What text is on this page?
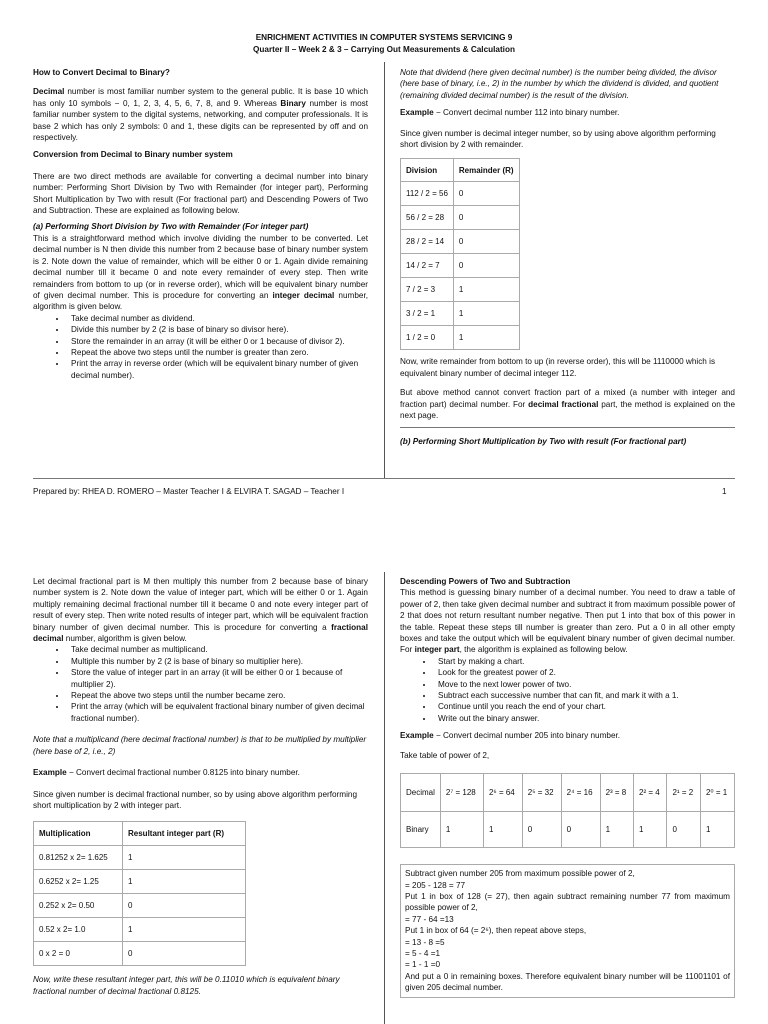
ENRICHMENT ACTIVITIES IN COMPUTER SYSTEMS SERVICING 9
Quarter II – Week 2 & 3 – Carrying Out Measurements & Calculation

How to Convert Decimal to Binary?

Decimal number is most familiar number system to the general public. It is base 10 which has only 10 symbols − 0, 1, 2, 3, 4, 5, 6, 7, 8, and 9. Whereas Binary number is most familiar number system to the digital systems, networking, and computer professionals. It is base 2 which has only 2 symbols: 0 and 1, these digits can be represented by off and on respectively.

Conversion from Decimal to Binary number system

There are two direct methods are available for converting a decimal number into binary number: Performing Short Division by Two with Remainder (for integer part), Performing Short Multiplication by Two with result (For fractional part) and Descending Powers of Two and Subtraction. These are explained as following below.

(a) Performing Short Division by Two with Remainder (For integer part)

This is a straightforward method which involve dividing the number to be converted. Let decimal number is N then divide this number from 2 because base of binary number system is 2. Note down the value of remainder, which will be either 0 or 1. Again divide remaining decimal number till it became 0 and note every remainder of every step. Then write remainders from bottom to up (or in reverse order), which will be equivalent binary number of given decimal number. This is procedure for converting an integer decimal number, algorithm is given below.

• Take decimal number as dividend.
• Divide this number by 2 (2 is base of binary so divisor here).
• Store the remainder in an array (it will be either 0 or 1 because of divisor 2).
• Repeat the above two steps until the number is greater than zero.
• Print the array in reverse order (which will be equivalent binary number of given decimal number).

Note that dividend (here given decimal number) is the number being divided, the divisor (here base of binary, i.e., 2) in the number by which the dividend is divided, and quotient (remaining divided decimal number) is the result of the division.

Example − Convert decimal number 112 into binary number.

Since given number is decimal integer number, so by using above algorithm performing short division by 2 with remainder.

Division	Remainder (R)
112 / 2 = 56	0
56 / 2 = 28	0
28 / 2 = 14	0
14 / 2 = 7	0
7 / 2 = 3	1
3 / 2 = 1	1
1 / 2 = 0	1

Now, write remainder from bottom to up (in reverse order), this will be 1110000 which is equivalent binary number of decimal integer 112.

But above method cannot convert fraction part of a mixed (a number with integer and fraction part) decimal number. For decimal fractional part, the method is explained on the next page.

(b) Performing Short Multiplication by Two with result (For fractional part)

Prepared by: RHEA D. ROMERO – Master Teacher I & ELVIRA T. SAGAD – Teacher I	1

Let decimal fractional part is M then multiply this number from 2 because base of binary number system is 2. Note down the value of integer part, which will be either 0 or 1. Again multiply remaining decimal fractional number till it became 0 and note every integer part of result of every step. Then write noted results of integer part, which will be equivalent fraction binary number of given decimal number. This is procedure for converting a fractional decimal number, algorithm is given below.

• Take decimal number as multiplicand.
• Multiple this number by 2 (2 is base of binary so multiplier here).
• Store the value of integer part in an array (it will be either 0 or 1 because of multiplier 2).
• Repeat the above two steps until the number became zero.
• Print the array (which will be equivalent fractional binary number of given decimal fractional number).

Note that a multiplicand (here decimal fractional number) is that to be multiplied by multiplier (here base of 2, i.e., 2)

Example − Convert decimal fractional number 0.8125 into binary number.

Since given number is decimal fractional number, so by using above algorithm performing short multiplication by 2 with integer part.

Multiplication	Resultant integer part (R)
0.81252 x 2= 1.625	1
0.6252 x 2= 1.25	1
0.252 x 2= 0.50	0
0.52 x 2= 1.0	1
0 x 2 = 0	0

Now, write these resultant integer part, this will be 0.11010 which is equivalent binary fractional number of decimal fractional 0.8125.

Descending Powers of Two and Subtraction

This method is guessing binary number of a decimal number. You need to draw a table of power of 2, then take given decimal number and subtract it from maximum possible power of 2 that does not return resultant number negative. Then put 1 into that box of this power in the table. Repeat these steps till number is greater than zero. Put a 0 in all other empty boxes and take the output which will be equivalent binary number of given decimal number. For integer part, the algorithm is explained as following below.

• Start by making a chart.
• Look for the greatest power of 2.
• Move to the next lower power of two.
• Subtract each successive number that can fit, and mark it with a 1.
• Continue until you reach the end of your chart.
• Write out the binary answer.

Example − Convert decimal number 205 into binary number.

Take table of power of 2,

Decimal	2⁷ = 128	2⁶ = 64	2⁵ = 32	2⁴ = 16	2³ = 8	2² = 4	2¹ = 2	2⁰ = 1
Binary	1	1	0	0	1	1	0	1

Subtract given number 205 from maximum possible power of 2,

= 205 - 128 = 77

Put 1 in box of 128 (= 27), then again subtract remaining number 77 from maximum possible power of 2,

= 77 - 64 =13

Put 1 in box of 64 (= 2⁶), then repeat above steps,

= 13 - 8 =5

= 5 - 4 =1

= 1 - 1 =0

And put a 0 in remaining boxes. Therefore equivalent binary number will be 11001101 of given 205 decimal number.
